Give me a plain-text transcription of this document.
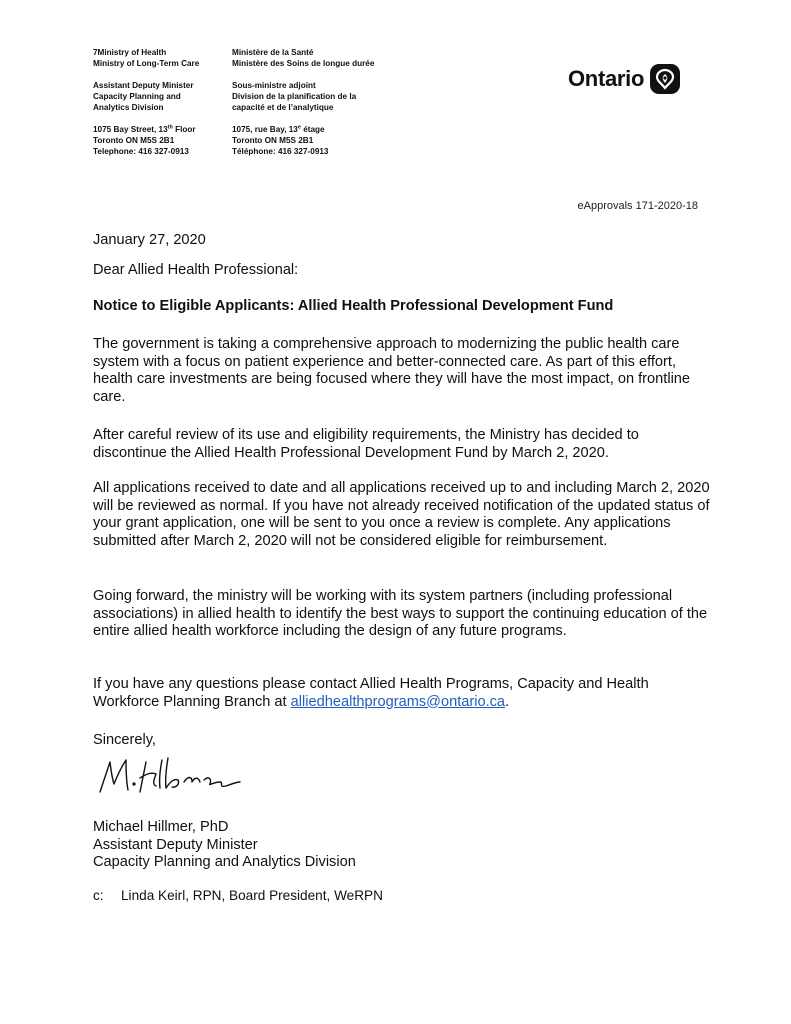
7Ministry of Health
Ministry of Long-Term Care
Assistant Deputy Minister
Capacity Planning and
Analytics Division
1075 Bay Street, 13th Floor
Toronto ON M5S 2B1
Telephone: 416 327-0913
Ministère de la Santé
Ministère des Soins de longue durée
Sous-ministre adjoint
Division de la planification de la
capacité et de l’analytique
1075, rue Bay, 13e étage
Toronto ON M5S 2B1
Téléphone: 416 327-0913
Ontario
eApprovals 171-2020-18
January 27, 2020
Dear Allied Health Professional:
Notice to Eligible Applicants: Allied Health Professional Development Fund
The government is taking a comprehensive approach to modernizing the public health care system with a focus on patient experience and better-connected care. As part of this effort, health care investments are being focused where they will have the most impact, on frontline care.
After careful review of its use and eligibility requirements, the Ministry has decided to discontinue the Allied Health Professional Development Fund by March 2, 2020.
All applications received to date and all applications received up to and including March 2, 2020 will be reviewed as normal. If you have not already received notification of the updated status of your grant application, one will be sent to you once a review is complete. Any applications submitted after March 2, 2020 will not be considered eligible for reimbursement.
Going forward, the ministry will be working with its system partners (including professional associations) in allied health to identify the best ways to support the continuing education of the entire allied health workforce including the design of any future programs.
If you have any questions please contact Allied Health Programs, Capacity and Health Workforce Planning Branch at alliedhealthprograms@ontario.ca.
Sincerely,
Michael Hillmer, PhD
Assistant Deputy Minister
Capacity Planning and Analytics Division
c: Linda Keirl, RPN, Board President, WeRPN
